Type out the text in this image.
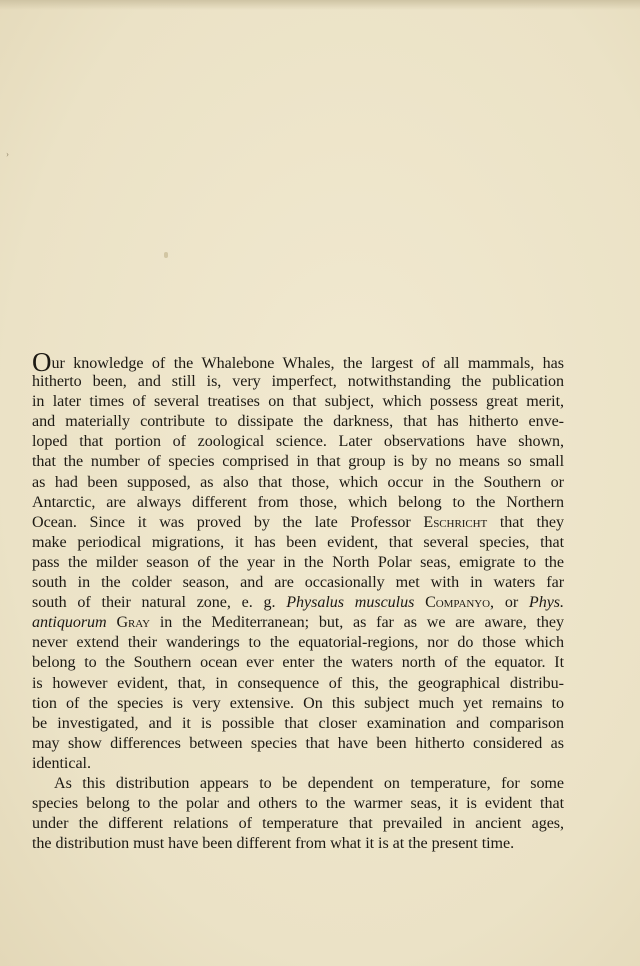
›
Our knowledge of the Whalebone Whales, the largest of all mammals, has
hitherto been, and still is, very imperfect, notwithstanding the publication
in later times of several treatises on that subject, which possess great merit,
and materially contribute to dissipate the darkness, that has hitherto enve-
loped that portion of zoological science. Later observations have shown,
that the number of species comprised in that group is by no means so small
as had been supposed, as also that those, which occur in the Southern or
Antarctic, are always different from those, which belong to the Northern
Ocean. Since it was proved by the late Professor Eschricht that they
make periodical migrations, it has been evident, that several species, that
pass the milder season of the year in the North Polar seas, emigrate to the
south in the colder season, and are occasionally met with in waters far
south of their natural zone, e. g. Physalus musculus Companyo, or Phys.
antiquorum Gray in the Mediterranean; but, as far as we are aware, they
never extend their wanderings to the equatorial-regions, nor do those which
belong to the Southern ocean ever enter the waters north of the equator. It
is however evident, that, in consequence of this, the geographical distribu-
tion of the species is very extensive. On this subject much yet remains to
be investigated, and it is possible that closer examination and comparison
may show differences between species that have been hitherto considered as
identical.
As this distribution appears to be dependent on temperature, for some
species belong to the polar and others to the warmer seas, it is evident that
under the different relations of temperature that prevailed in ancient ages,
the distribution must have been different from what it is at the present time.
